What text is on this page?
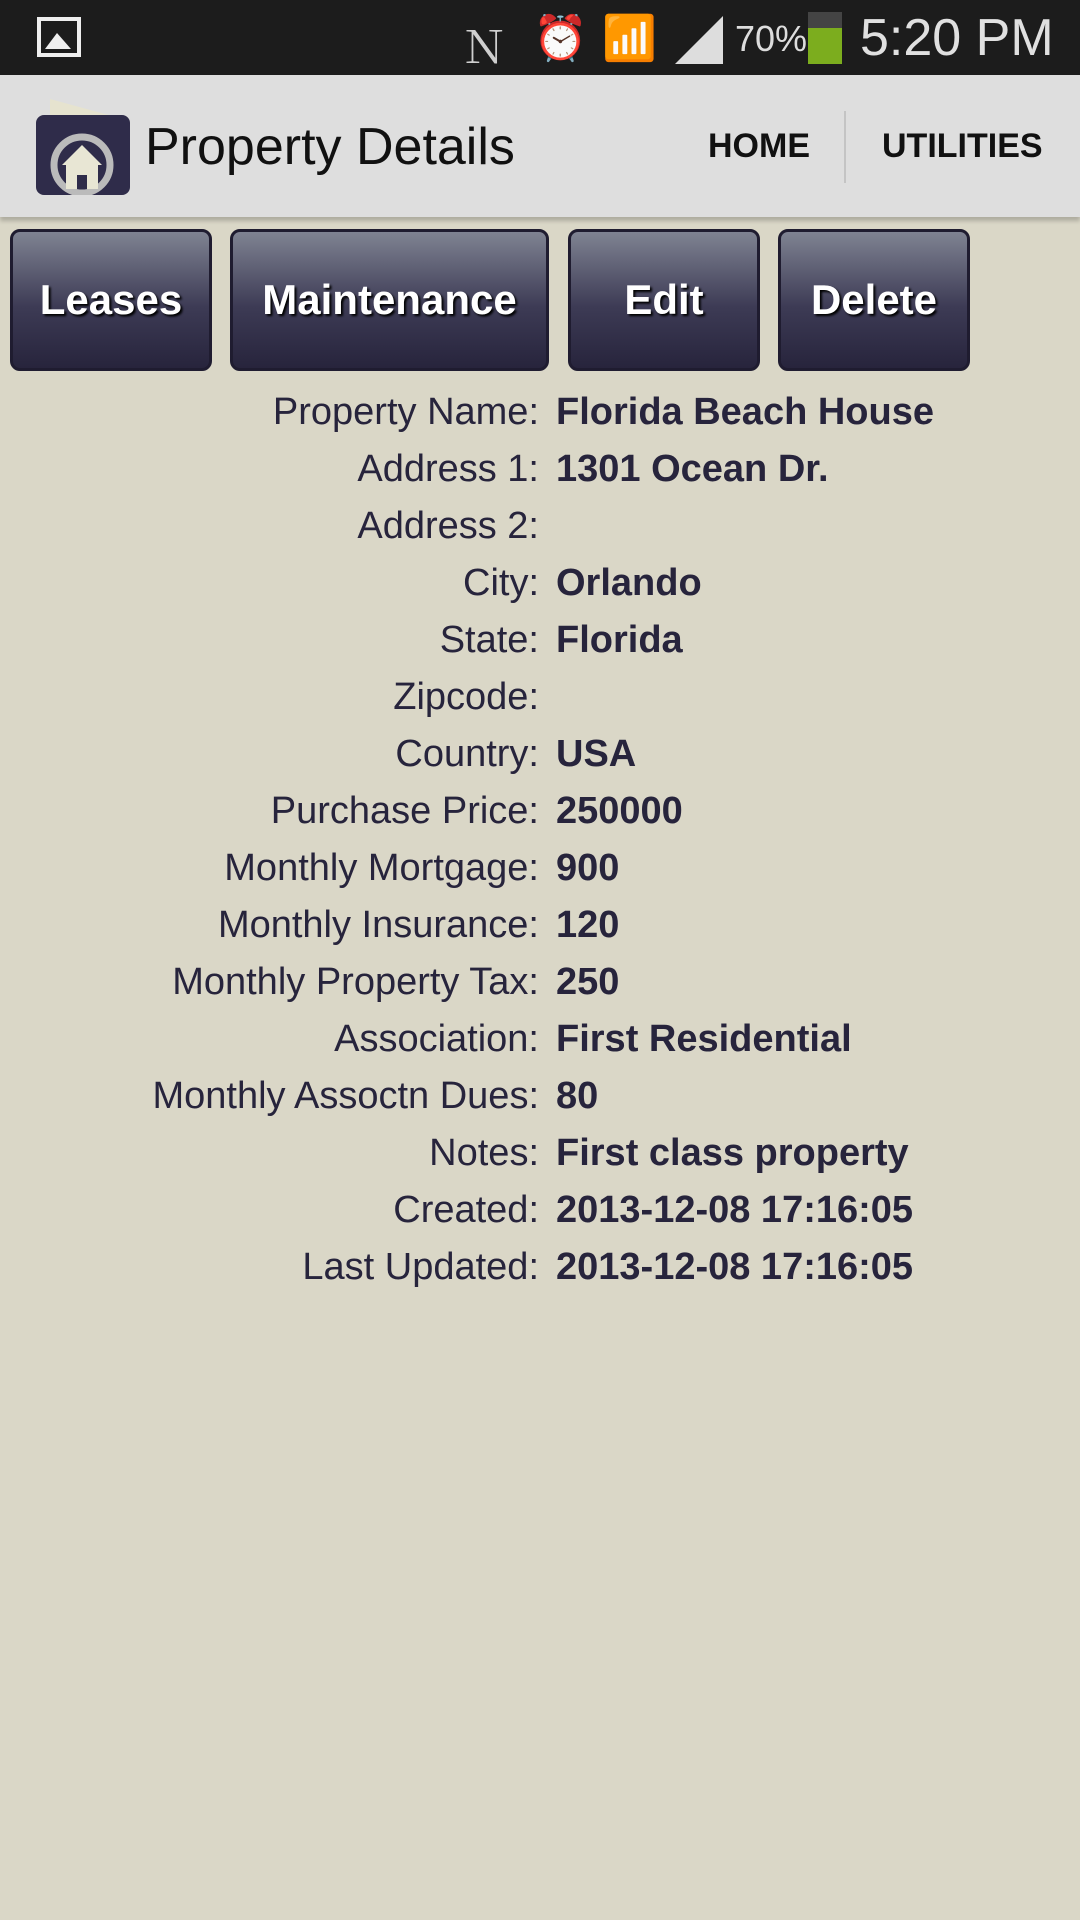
Ｎ ⏰ 📶 70% 5:20 PM
Property Details	HOME UTILITIES
Leases	Maintenance	Edit	Delete
Property Name: Florida Beach House
Address 1: 1301 Ocean Dr.
Address 2:
City: Orlando
State: Florida
Zipcode:
Country: USA
Purchase Price: 250000
Monthly Mortgage: 900
Monthly Insurance: 120
Monthly Property Tax: 250
Association: First Residential
Monthly Assoctn Dues: 80
Notes: First class property
Created: 2013-12-08 17:16:05
Last Updated: 2013-12-08 17:16:05
